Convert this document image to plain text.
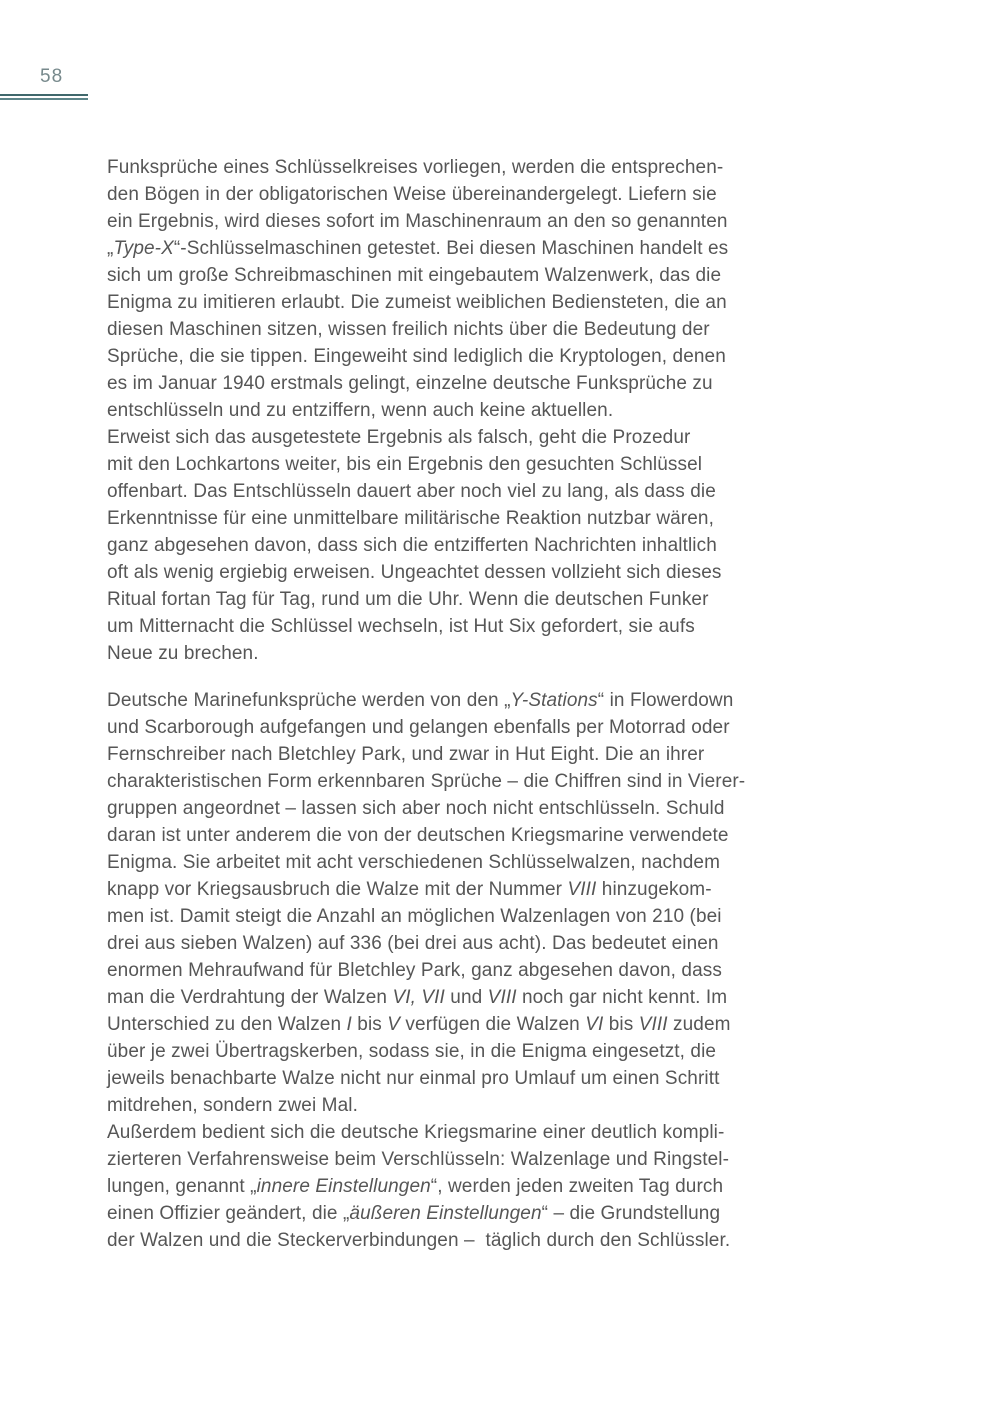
58
Funksprüche eines Schlüsselkreises vorliegen, werden die entsprechen-
den Bögen in der obligatorischen Weise übereinandergelegt. Liefern sie
ein Ergebnis, wird dieses sofort im Maschinenraum an den so genannten
„Type-X“-Schlüsselmaschinen getestet. Bei diesen Maschinen handelt es
sich um große Schreibmaschinen mit eingebautem Walzenwerk, das die
Enigma zu imitieren erlaubt. Die zumeist weiblichen Bediensteten, die an
diesen Maschinen sitzen, wissen freilich nichts über die Bedeutung der
Sprüche, die sie tippen. Eingeweiht sind lediglich die Kryptologen, denen
es im Januar 1940 erstmals gelingt, einzelne deutsche Funksprüche zu
entschlüsseln und zu entziffern, wenn auch keine aktuellen.
Erweist sich das ausgetestete Ergebnis als falsch, geht die Prozedur
mit den Lochkartons weiter, bis ein Ergebnis den gesuchten Schlüssel
offenbart. Das Entschlüsseln dauert aber noch viel zu lang, als dass die
Erkenntnisse für eine unmittelbare militärische Reaktion nutzbar wären,
ganz abgesehen davon, dass sich die entzifferten Nachrichten inhaltlich
oft als wenig ergiebig erweisen. Ungeachtet dessen vollzieht sich dieses
Ritual fortan Tag für Tag, rund um die Uhr. Wenn die deutschen Funker
um Mitternacht die Schlüssel wechseln, ist Hut Six gefordert, sie aufs
Neue zu brechen.
Deutsche Marinefunksprüche werden von den „Y-Stations“ in Flowerdown
und Scarborough aufgefangen und gelangen ebenfalls per Motorrad oder
Fernschreiber nach Bletchley Park, und zwar in Hut Eight. Die an ihrer
charakteristischen Form erkennbaren Sprüche – die Chiffren sind in Vierer-
gruppen angeordnet – lassen sich aber noch nicht entschlüsseln. Schuld
daran ist unter anderem die von der deutschen Kriegsmarine verwendete
Enigma. Sie arbeitet mit acht verschiedenen Schlüsselwalzen, nachdem
knapp vor Kriegsausbruch die Walze mit der Nummer VIII hinzugekom-
men ist. Damit steigt die Anzahl an möglichen Walzenlagen von 210 (bei
drei aus sieben Walzen) auf 336 (bei drei aus acht). Das bedeutet einen
enormen Mehraufwand für Bletchley Park, ganz abgesehen davon, dass
man die Verdrahtung der Walzen VI, VII und VIII noch gar nicht kennt. Im
Unterschied zu den Walzen I bis V verfügen die Walzen VI bis VIII zudem
über je zwei Übertragskerben, sodass sie, in die Enigma eingesetzt, die
jeweils benachbarte Walze nicht nur einmal pro Umlauf um einen Schritt
mitdrehen, sondern zwei Mal.
Außerdem bedient sich die deutsche Kriegsmarine einer deutlich kompli-
zierteren Verfahrensweise beim Verschlüsseln: Walzenlage und Ringstel-
lungen, genannt „innere Einstellungen“, werden jeden zweiten Tag durch
einen Offizier geändert, die „äußeren Einstellungen“ – die Grundstellung
der Walzen und die Steckerverbindungen –  täglich durch den Schlüssler.
